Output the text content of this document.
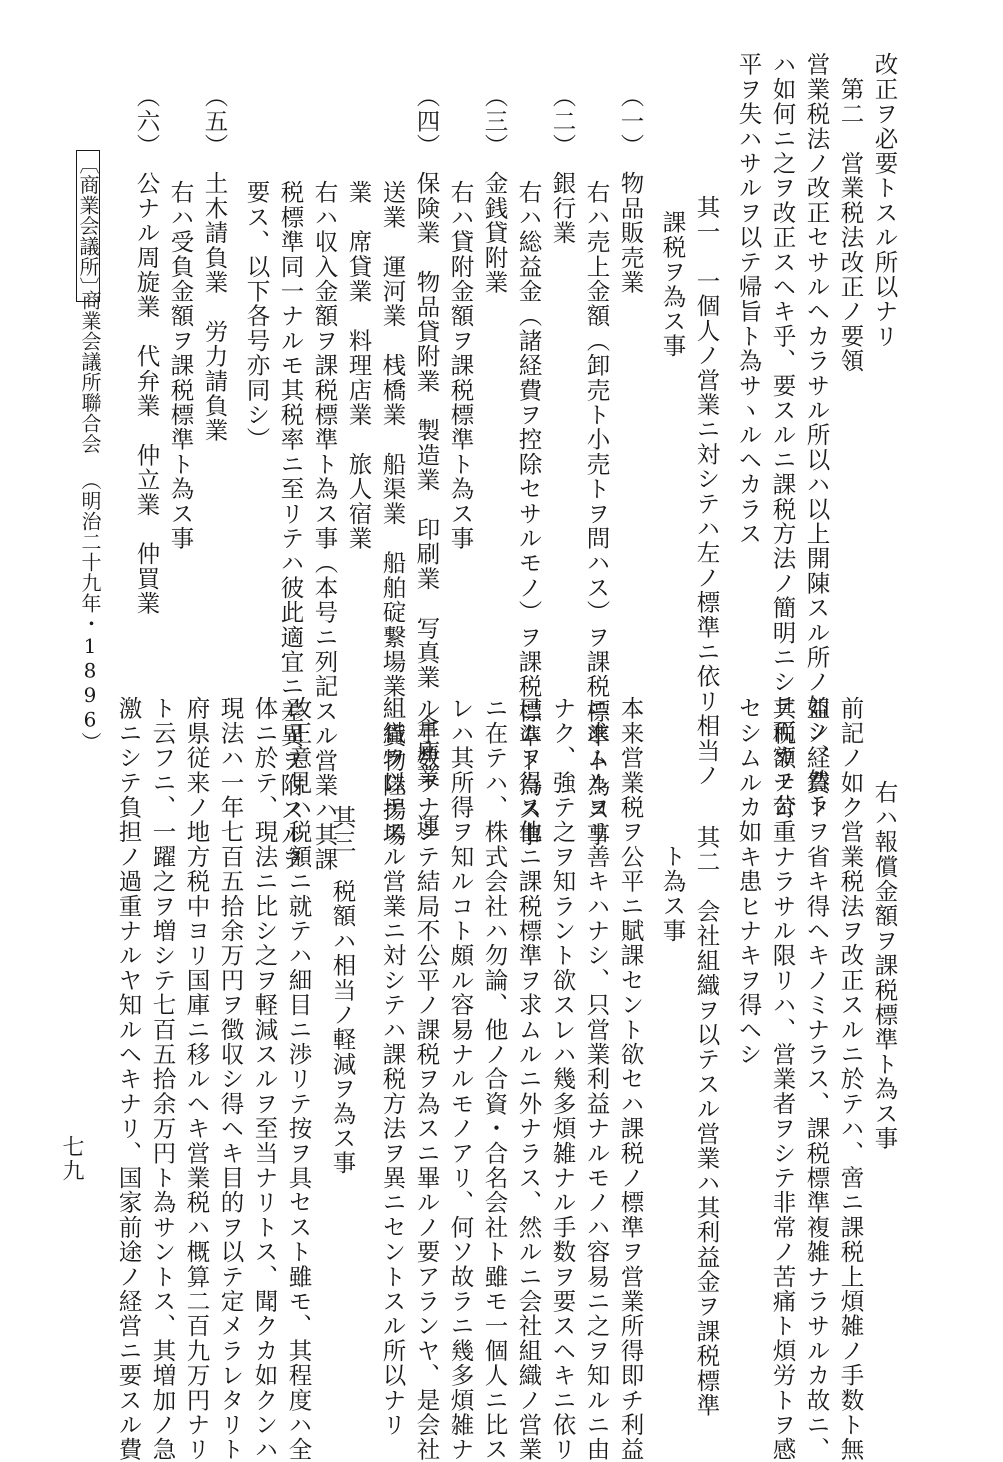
改正ヲ必要トスル所以ナリ
　第二　営業税法改正ノ要領
営業税法ノ改正セサルヘカラサル所以ハ以上開陳スル所ノ如シ、然ラ
ハ如何ニ之ヲ改正スヘキ乎、要スルニ課税方法ノ簡明ニシテ而カモ公
平ヲ失ハサルヲ以テ帰旨ト為サヽルヘカラス
　其一　一個人ノ営業ニ対シテハ左ノ標準ニ依リ相当ノ
課税ヲ為ス事
（一）　物品販売業
右ハ売上金額（卸売ト小売トヲ問ハス）ヲ課税標準ト為ス事
（二）　銀行業
右ハ総益金（諸経費ヲ控除セサルモノ）ヲ課税標準ト為ス事
（三）　金銭貸附業
右ハ貸附金額ヲ課税標準ト為ス事
（四）　保険業　物品貸附業　製造業　印刷業　写真業　倉庫業　運
送業　運河業　桟橋業　船渠業　船舶碇繋場業　貨物陸揚場
業　席貸業　料理店業　旅人宿業
右ハ収入金額ヲ課税標準ト為ス事（本号ニ列記スル営業ハ其課
税標準同一ナルモ其税率ニ至リテハ彼此適宜ニ差異ヲ附スルヲ
要ス、以下各号亦同シ）
（五）　土木請負業　労力請負業
右ハ受負金額ヲ課税標準ト為ス事
（六）　公ナル周旋業　代弁業　仲立業　仲買業
〔商業会議所〕
商業会議所聯合会
（明治二十九年・1896）
右ハ報償金額ヲ課税標準ト為ス事
前記ノ如ク営業税法ヲ改正スルニ於テハ、啻ニ課税上煩雑ノ手数ト無
益ノ経費トヲ省キ得ヘキノミナラス、課税標準複雑ナラサルカ故ニ、
其税額ノ苛重ナラサル限リハ、営業者ヲシテ非常ノ苦痛ト煩労トヲ感
セシムルカ如キ患ヒナキヲ得ヘシ
　其二　会社組織ヲ以テスル営業ハ其利益金ヲ課税標準
ト為ス事
本来営業税ヲ公平ニ賦課セント欲セハ課税ノ標準ヲ営業所得即チ利益
ニ求ムルヨリ善キハナシ、只営業利益ナルモノハ容易ニ之ヲ知ルニ由
ナク、強テ之ヲ知ラント欲スレハ幾多煩雑ナル手数ヲ要スヘキニ依リ
已ムヲ得ス他ニ課税標準ヲ求ムルニ外ナラス、然ルニ会社組織ノ営業
ニ在テハ、株式会社ハ勿論、他ノ合資・合名会社ト雖モ一個人ニ比ス
レハ其所得ヲ知ルコト頗ル容易ナルモノアリ、何ソ故ラニ幾多煩雑ナ
ル手数ヲナシテ結局不公平ノ課税ヲ為スニ畢ルノ要アランヤ、是会社
組織ヲ以テスル営業ニ対シテハ課税方法ヲ異ニセントスル所以ナリ
　其三　税額ハ相当ノ軽減ヲ為ス事
改正意見ハ税額ニ就テハ細目ニ渉リテ按ヲ具セスト雖モ、其程度ハ全
体ニ於テ、現法ニ比シ之ヲ軽減スルヲ至当ナリトス、聞クカ如クンハ
現法ハ一年七百五拾余万円ヲ徴収シ得ヘキ目的ヲ以テ定メラレタリト
府県従来ノ地方税中ヨリ国庫ニ移ルヘキ営業税ハ概算二百九万円ナリ
ト云フニ、一躍之ヲ増シテ七百五拾余万円ト為サントス、其増加ノ急
激ニシテ負担ノ過重ナルヤ知ルヘキナリ、国家前途ノ経営ニ要スル費
七九
